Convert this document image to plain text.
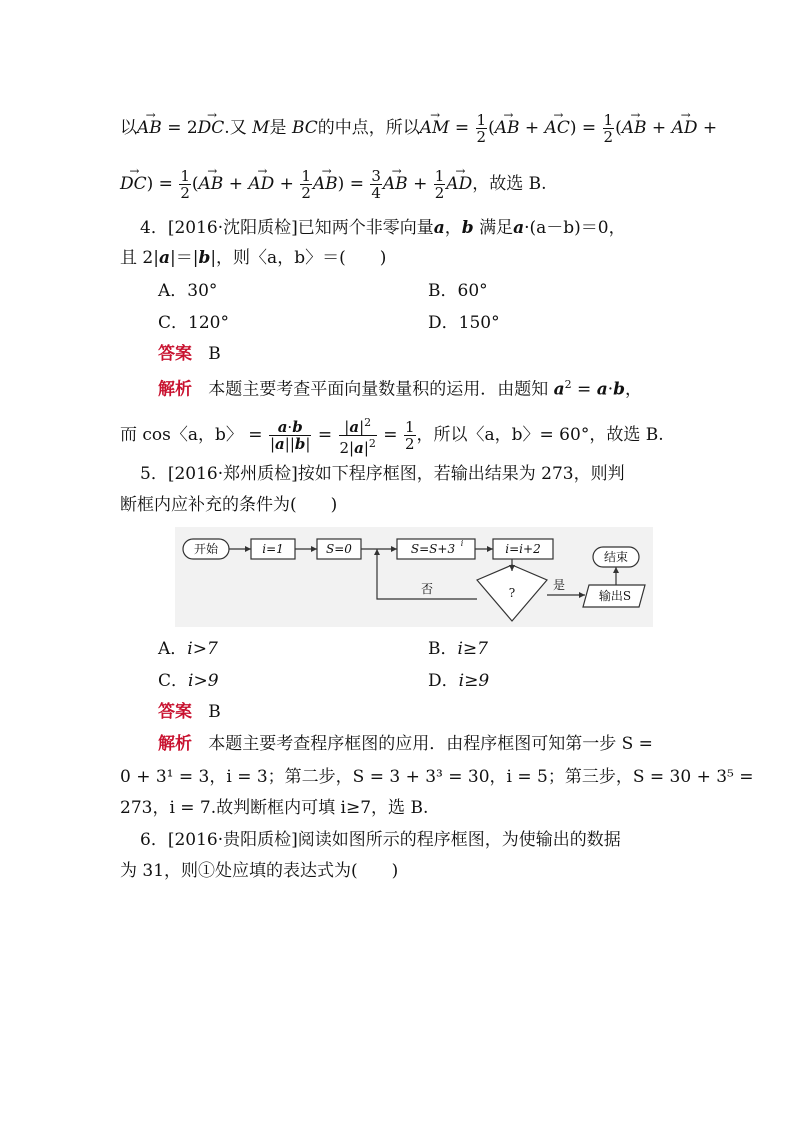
以→ AB = 2→ DC.又 M是 BC的中点，所以→ AM = $\frac{1}{2}$ (→ AB + → $AC) = \frac{1}{2}$ (→ AB + → AD +
→ $DC) = \frac{1}{2}$ (→ AB + → AD + $\frac{1}{2}$
→ $AB) = \frac{3}{4}$
→ AB + $\frac{1}{2}$
→ AD，故选 B.
4．[2016·沈阳质检]已知两个非零向量a，b 满足a·(a－b)＝0，
且 2|a|＝|b|，则〈a，b〉＝(　　)
A．30°	B．60°
C．120°	D．150°
答案 B
解析 本题主要考查平面向量数量积的运用．由题知 $a^2 = a\cdot b$，
而 cos〈a，b〉 = $\frac{a\cdot b}{|a||b|} = \frac{|a|^2}{2|a|^2} = \frac{1}{2}$ ，所以〈a，b〉= 60°，故选 B.
5．[2016·郑州质检]按如下程序框图，若输出结果为 273，则判
断框内应补充的条件为(　　)
开始	i=1	S=0	S=S+3 i	i=i+2
?
否	是
输出S
结束
A．i>7	B．i≥7
C．i>9	D．i≥9
答案 B
解析 本题主要考查程序框图的应用．由程序框图可知第一步 S =
0 + 3¹ = 3，i = 3；第二步，S = 3 + 3³ = 30，i = 5；第三步，S = 30 + 3⁵ =
273，i = 7.故判断框内可填 i≥7，选 B.
6．[2016·贵阳质检]阅读如图所示的程序框图，为使输出的数据
为 31，则①处应填的表达式为(　　)
